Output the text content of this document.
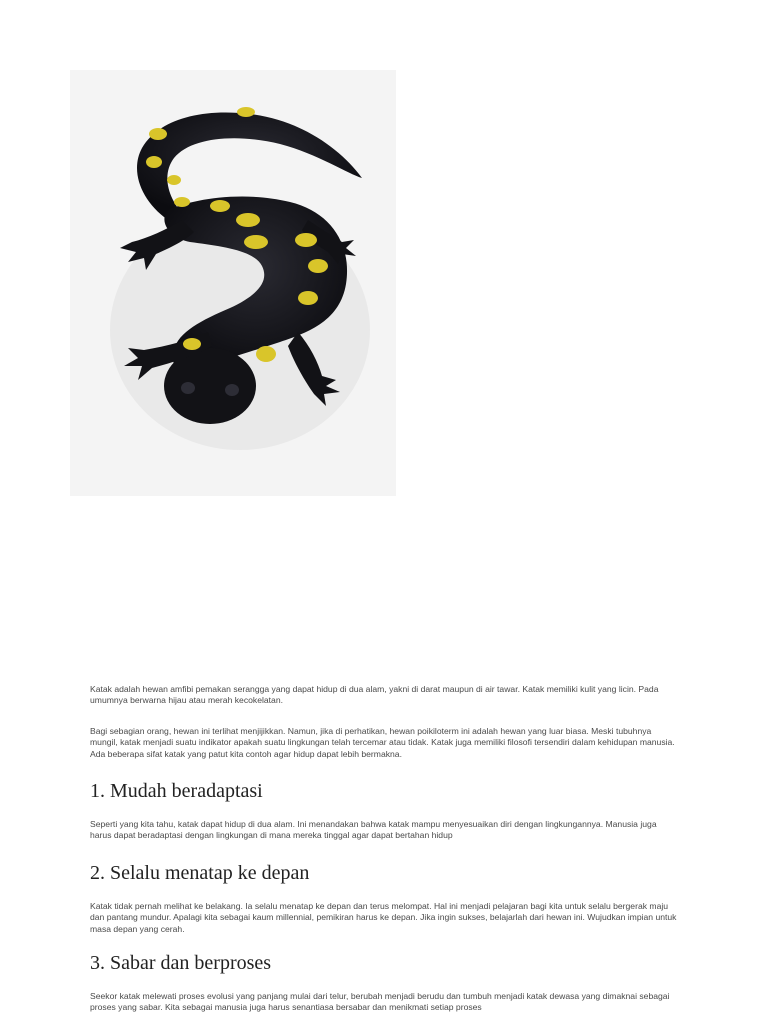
Katak adalah hewan amfibi pemakan serangga yang dapat hidup di dua alam, yakni di darat maupun di air tawar. Katak memiliki kulit yang licin. Pada umumnya berwarna hijau atau merah kecokelatan.

Bagi sebagian orang, hewan ini terlihat menjijikkan. Namun, jika di perhatikan, hewan poikiloterm ini adalah hewan yang luar biasa. Meski tubuhnya mungil, katak menjadi suatu indikator apakah suatu lingkungan telah tercemar atau tidak. Katak juga memiliki filosofi tersendiri dalam kehidupan manusia. Ada beberapa sifat katak yang patut kita contoh agar hidup dapat lebih bermakna.

1. Mudah beradaptasi

Seperti yang kita tahu, katak dapat hidup di dua alam. Ini menandakan bahwa katak mampu menyesuaikan diri dengan lingkungannya. Manusia juga harus dapat beradaptasi dengan lingkungan di mana mereka tinggal agar dapat bertahan hidup

2. Selalu menatap ke depan

Katak tidak pernah melihat ke belakang. Ia selalu menatap ke depan dan terus melompat. Hal ini menjadi pelajaran bagi kita untuk selalu bergerak maju dan pantang mundur. Apalagi kita sebagai kaum millennial, pemikiran harus ke depan. Jika ingin sukses, belajarlah dari hewan ini. Wujudkan impian untuk masa depan yang cerah.

3. Sabar dan berproses

Seekor katak melewati proses evolusi yang panjang mulai dari telur, berubah menjadi berudu dan tumbuh menjadi katak dewasa yang dimaknai sebagai proses yang sabar. Kita sebagai manusia juga harus senantiasa bersabar dan menikmati setiap proses
